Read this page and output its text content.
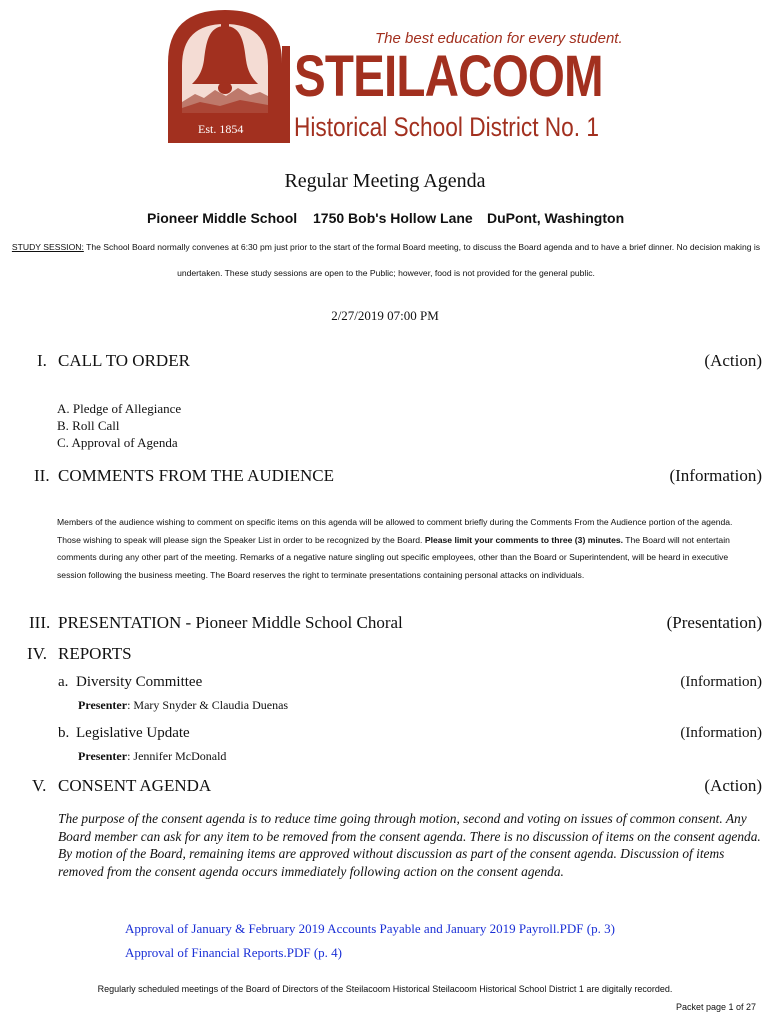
The best education for every student.
STEILACOOM
Historical School District No. 1
Est. 1854
Regular Meeting Agenda
Pioneer Middle School 1750 Bob's Hollow Lane DuPont, Washington
STUDY SESSION: The School Board normally convenes at 6:30 pm just prior to the start of the formal Board meeting, to discuss the Board agenda and to have a brief dinner. No decision making is
undertaken. These study sessions are open to the Public; however, food is not provided for the general public.
2/27/2019 07:00 PM
I. CALL TO ORDER	(Action)
A. Pledge of Allegiance
B. Roll Call
C. Approval of Agenda
II. COMMENTS FROM THE AUDIENCE	(Information)
Members of the audience wishing to comment on specific items on this agenda will be allowed to comment briefly during the Comments From the Audience portion of the agenda. Those wishing to speak will please sign the Speaker List in order to be recognized by the Board. Please limit your comments to three (3) minutes. The Board will not entertain comments during any other part of the meeting. Remarks of a negative nature singling out specific employees, other than the Board or Superintendent, will be heard in executive session following the business meeting. The Board reserves the right to terminate presentations containing personal attacks on individuals.
III. PRESENTATION - Pioneer Middle School Choral	(Presentation)
IV. REPORTS
a. Diversity Committee	(Information)
Presenter: Mary Snyder & Claudia Duenas
b. Legislative Update	(Information)
Presenter: Jennifer McDonald
V. CONSENT AGENDA	(Action)
The purpose of the consent agenda is to reduce time going through motion, second and voting on issues of common consent. Any Board member can ask for any item to be removed from the consent agenda. There is no discussion of items on the consent agenda. By motion of the Board, remaining items are approved without discussion as part of the consent agenda. Discussion of items removed from the consent agenda occurs immediately following action on the consent agenda.
Approval of January & February 2019 Accounts Payable and January 2019 Payroll.PDF (p. 3)
Approval of Financial Reports.PDF (p. 4)
Regularly scheduled meetings of the Board of Directors of the Steilacoom Historical Steilacoom Historical School District 1 are digitally recorded.
Packet page 1 of 27
